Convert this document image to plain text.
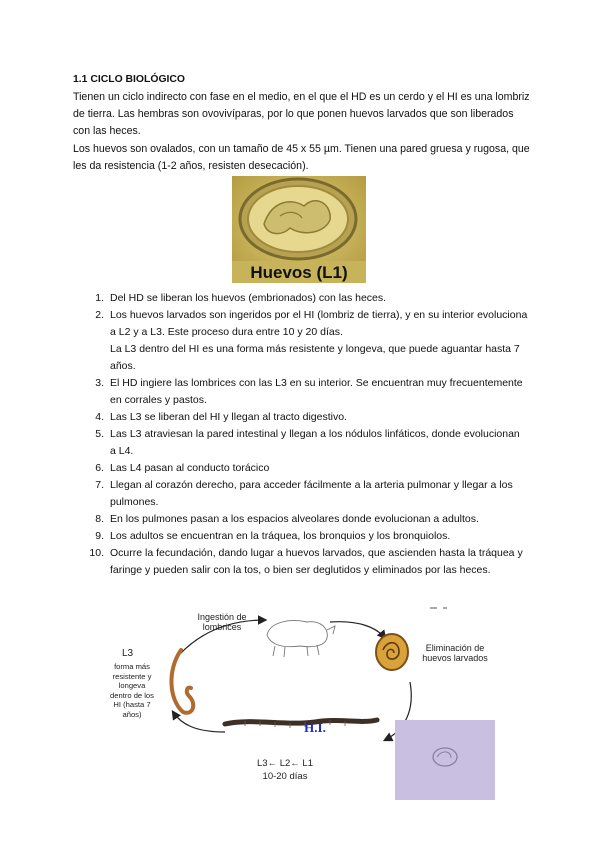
1.1 CICLO BIOLÓGICO
Tienen un ciclo indirecto con fase en el medio, en el que el HD es un cerdo y el HI es una lombriz de tierra. Las hembras son ovovivíparas, por lo que ponen huevos larvados que son liberados con las heces.
Los huevos son ovalados, con un tamaño de 45 x 55 µm. Tienen una pared gruesa y rugosa, que les da resistencia (1-2 años, resisten desecación).
Huevos (L1)
1. Del HD se liberan los huevos (embrionados) con las heces.
2. Los huevos larvados son ingeridos por el HI (lombriz de tierra), y en su interior evoluciona a L2 y a L3. Este proceso dura entre 10 y 20 días.
La L3 dentro del HI es una forma más resistente y longeva, que puede aguantar hasta 7 años.
3. El HD ingiere las lombrices con las L3 en su interior. Se encuentran muy frecuentemente en corrales y pastos.
4. Las L3 se liberan del HI y llegan al tracto digestivo.
5. Las L3 atraviesan la pared intestinal y llegan a los nódulos linfáticos, donde evolucionan a L4.
6. Las L4 pasan al conducto torácico
7. Llegan al corazón derecho, para acceder fácilmente a la arteria pulmonar y llegar a los pulmones.
8. En los pulmones pasan a los espacios alveolares donde evolucionan a adultos.
9. Los adultos se encuentran en la tráquea, los bronquios y los bronquiolos.
10. Ocurre la fecundación, dando lugar a huevos larvados, que ascienden hasta la tráquea y faringe y pueden salir con la tos, o bien ser deglutidos y eliminados por las heces.
Ingestión de lombrices
Eliminación de huevos larvados
L3
forma más resistente y longeva dentro de los HI (hasta 7 años)
H.I.
L3← L2← L1
10-20 días
